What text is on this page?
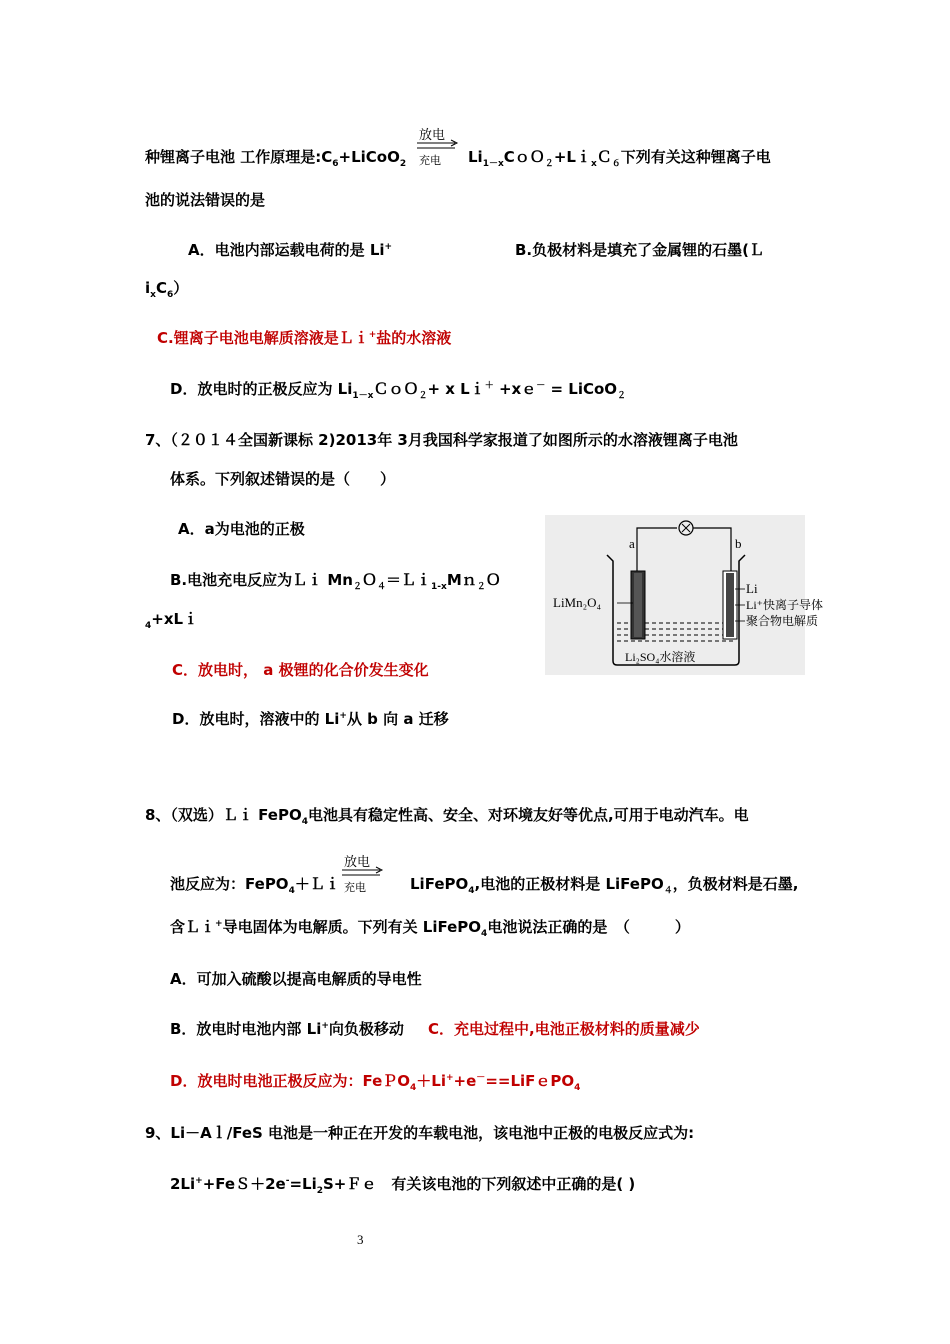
种锂离子电池 工作原理是$:C_6+LiCoO_2$
放电
充电 $Li_{1-x}CoO_2+Li_xC_6$下列有关这种锂离子电
池的说法错误的是
A．电池内部运载电荷的是 Li+	B.负极材料是填充了金属锂的石墨(Ｌ
$i_xC_6$）
C.锂离子电池电解质溶液是Ｌｉ+盐的水溶液
D．放电时的正极反应为 $Li_{1-x}CoO_2+ x$ Lｉ＋ +xｅ－ = LiCoO$_2$
7、（２０１４全国新课标 2)2013年 3月我国科学家报道了如图所示的水溶液锂离子电池
体系。下列叙述错误的是（　　）
A．a为电池的正极
B.电池充电反应为Ｌｉ $Mn_2O_4=Li_{1-x}Mn_2O$
$_4$+xLｉ
C．放电时， a 极锂的化合价发生变化
D．放电时，溶液中的 Li+从 b 向 a 迁移
a	b
LiMn₂O₄
Li
Li⁺快离子导体
聚合物电解质
Li₂SO₄水溶液
8、（双选）Ｌｉ FePO$_4$电池具有稳定性高、安全、对环境友好等优点,可用于电动汽车。电
放电
充电
池反应为：FePO$_4$＋Ｌｉ	LiFePO$_4$,电池的正极材料是 LiFePO$_4$，负极材料是石墨,
含Ｌｉ+导电固体为电解质。下列有关 LiFePO$_4$电池说法正确的是　（　　　）
A．可加入硫酸以提高电解质的导电性
B．放电时电池内部 Li+向负极移动 C．充电过程中,电池正极材料的质量减少
D．放电时电池正极反应为：FeＰO$_4$＋Li++e－==LiFｅPO$_4$
9、Li－Aｌ/FeS 电池是一种正在开发的车载电池，该电池中正极的电极反应式为:
$2Li^++FeS+2e^-=Li_2S+Fe$　有关该电池的下列叙述中正确的是( )
3
